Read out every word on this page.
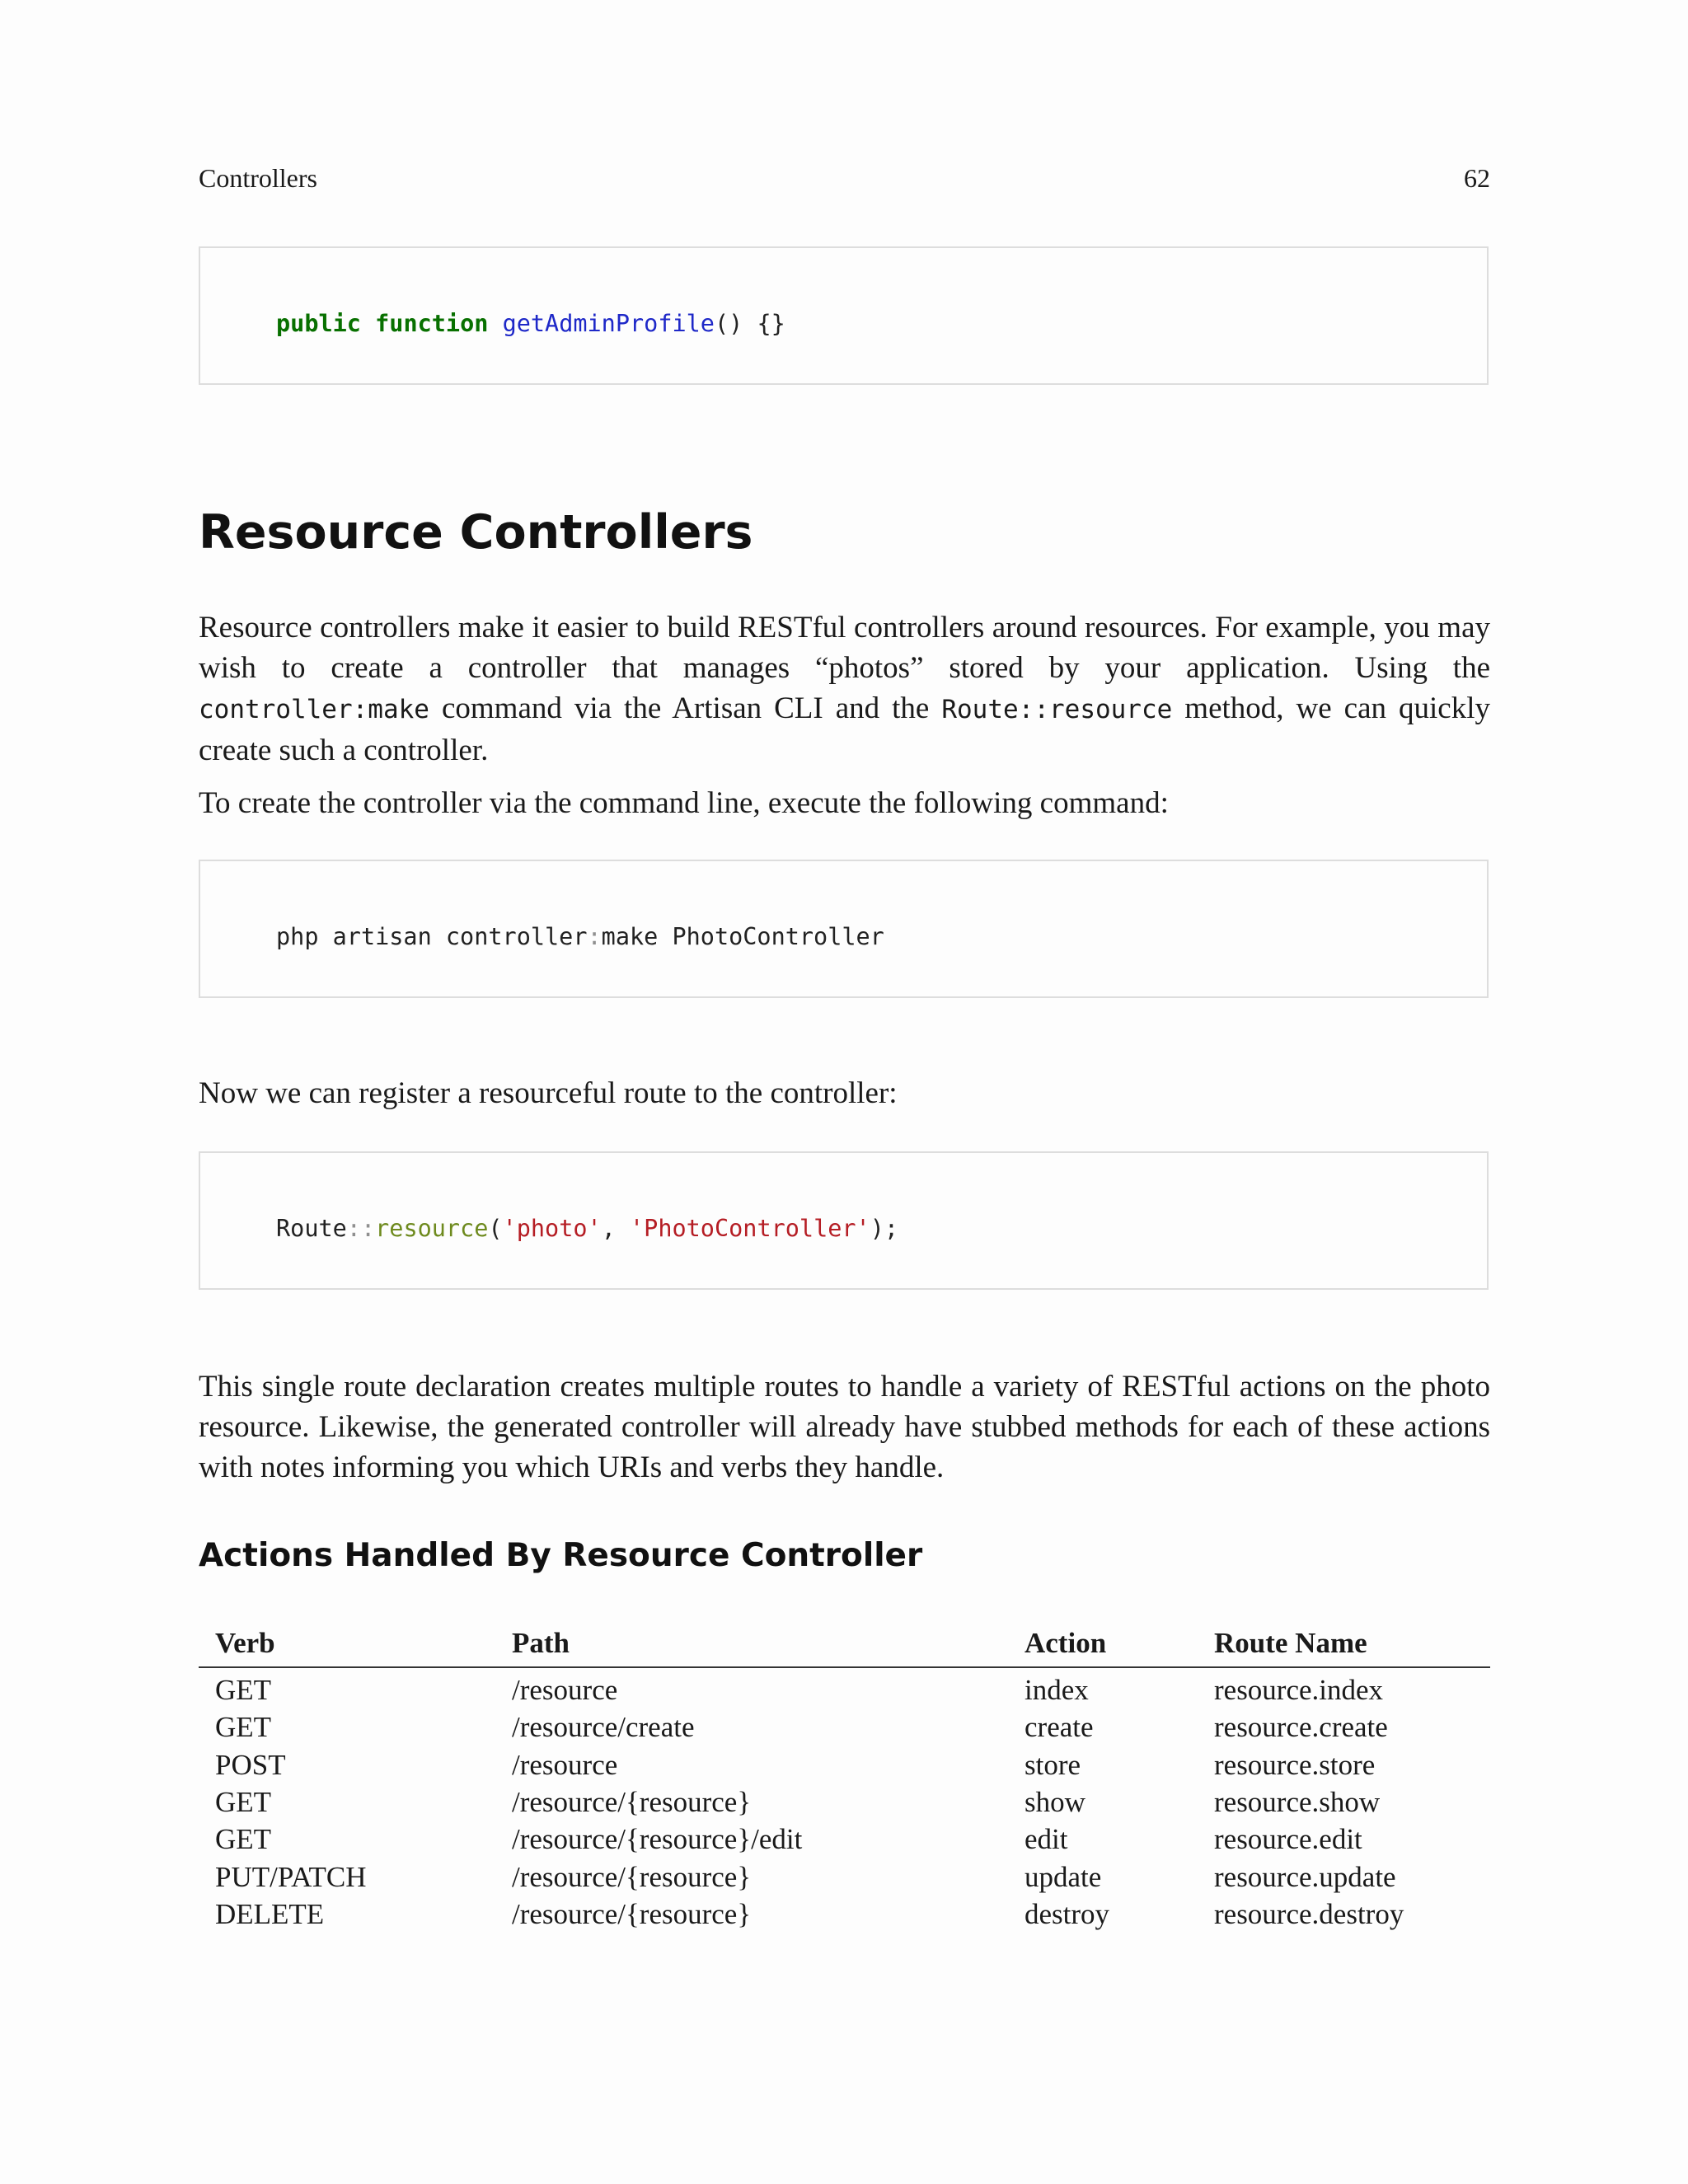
Controllers	62
public function getAdminProfile() {}
Resource Controllers

Resource controllers make it easier to build RESTful controllers around resources. For example, you may wish to create a controller that manages “photos” stored by your application. Using the controller:make command via the Artisan CLI and the Route::resource method, we can quickly create such a controller.

To create the controller via the command line, execute the following command:

php artisan controller:make PhotoController

Now we can register a resourceful route to the controller:

Route::resource('photo', 'PhotoController');

This single route declaration creates multiple routes to handle a variety of RESTful actions on the photo resource. Likewise, the generated controller will already have stubbed methods for each of these actions with notes informing you which URIs and verbs they handle.

Actions Handled By Resource Controller
Verb	Path	Action	Route Name
GET	/resource	index	resource.index
GET	/resource/create	create	resource.create
POST	/resource	store	resource.store
GET	/resource/{resource}	show	resource.show
GET	/resource/{resource}/edit	edit	resource.edit
PUT/PATCH	/resource/{resource}	update	resource.update
DELETE	/resource/{resource}	destroy	resource.destroy
